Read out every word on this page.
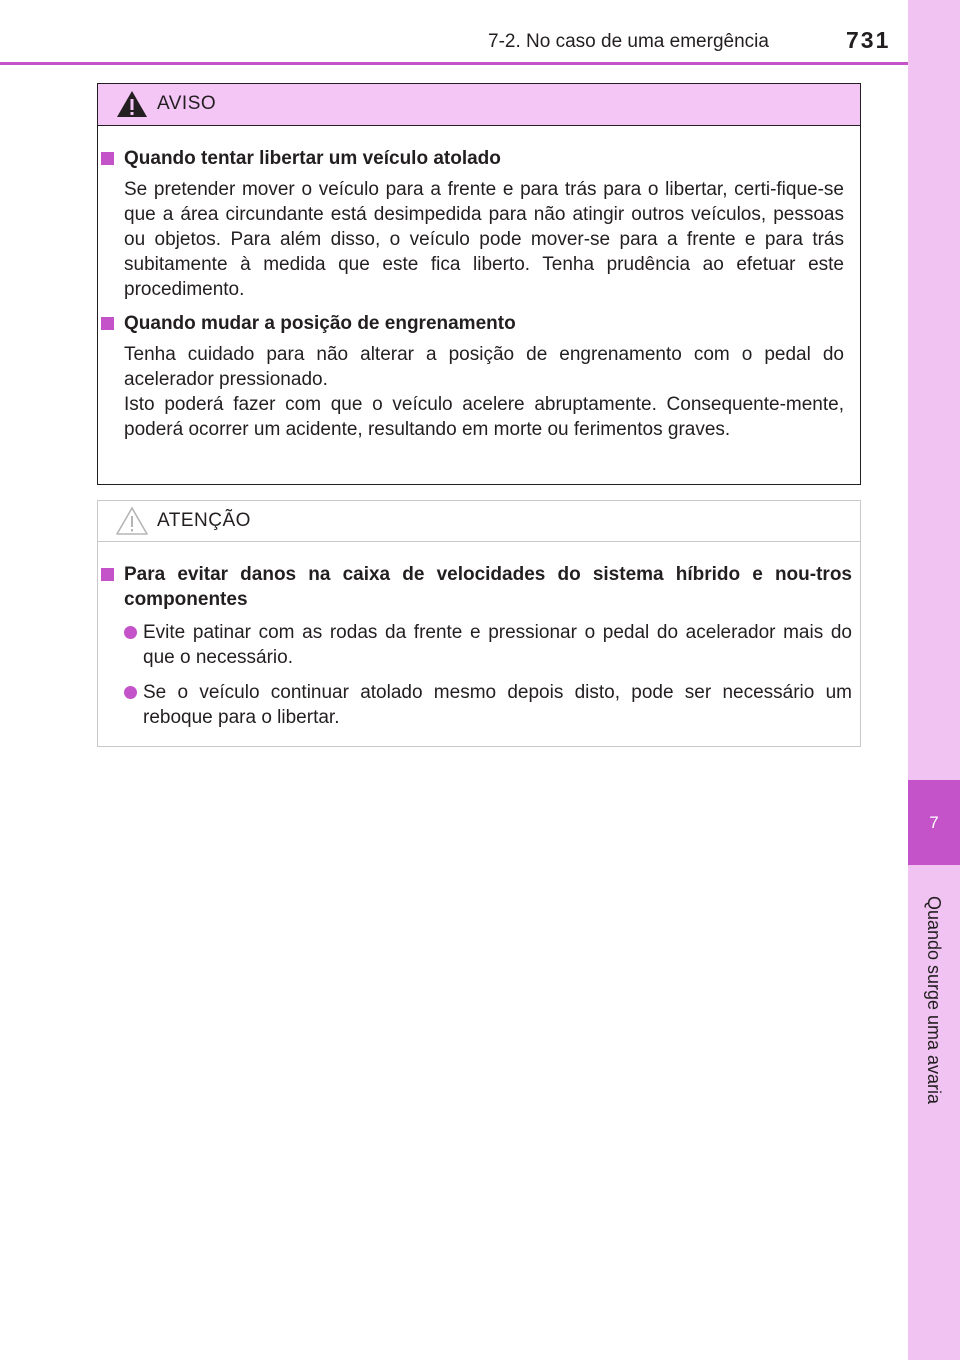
7
Quando surge uma avaria
7-2. No caso de uma emergência	731
AVISO
Quando tentar libertar um veículo atolado
Se pretender mover o veículo para a frente e para trás para o libertar, certi-fique-se que a área circundante está desimpedida para não atingir outros veículos, pessoas ou objetos. Para além disso, o veículo pode mover-se para a frente e para trás subitamente à medida que este fica liberto. Tenha prudência ao efetuar este procedimento.
Quando mudar a posição de engrenamento
Tenha cuidado para não alterar a posição de engrenamento com o pedal do acelerador pressionado.
Isto poderá fazer com que o veículo acelere abruptamente. Consequente-mente, poderá ocorrer um acidente, resultando em morte ou ferimentos graves.
ATENÇÃO
Para evitar danos na caixa de velocidades do sistema híbrido e nou-tros componentes
Evite patinar com as rodas da frente e pressionar o pedal do acelerador mais do que o necessário.
Se o veículo continuar atolado mesmo depois disto, pode ser necessário um reboque para o libertar.
